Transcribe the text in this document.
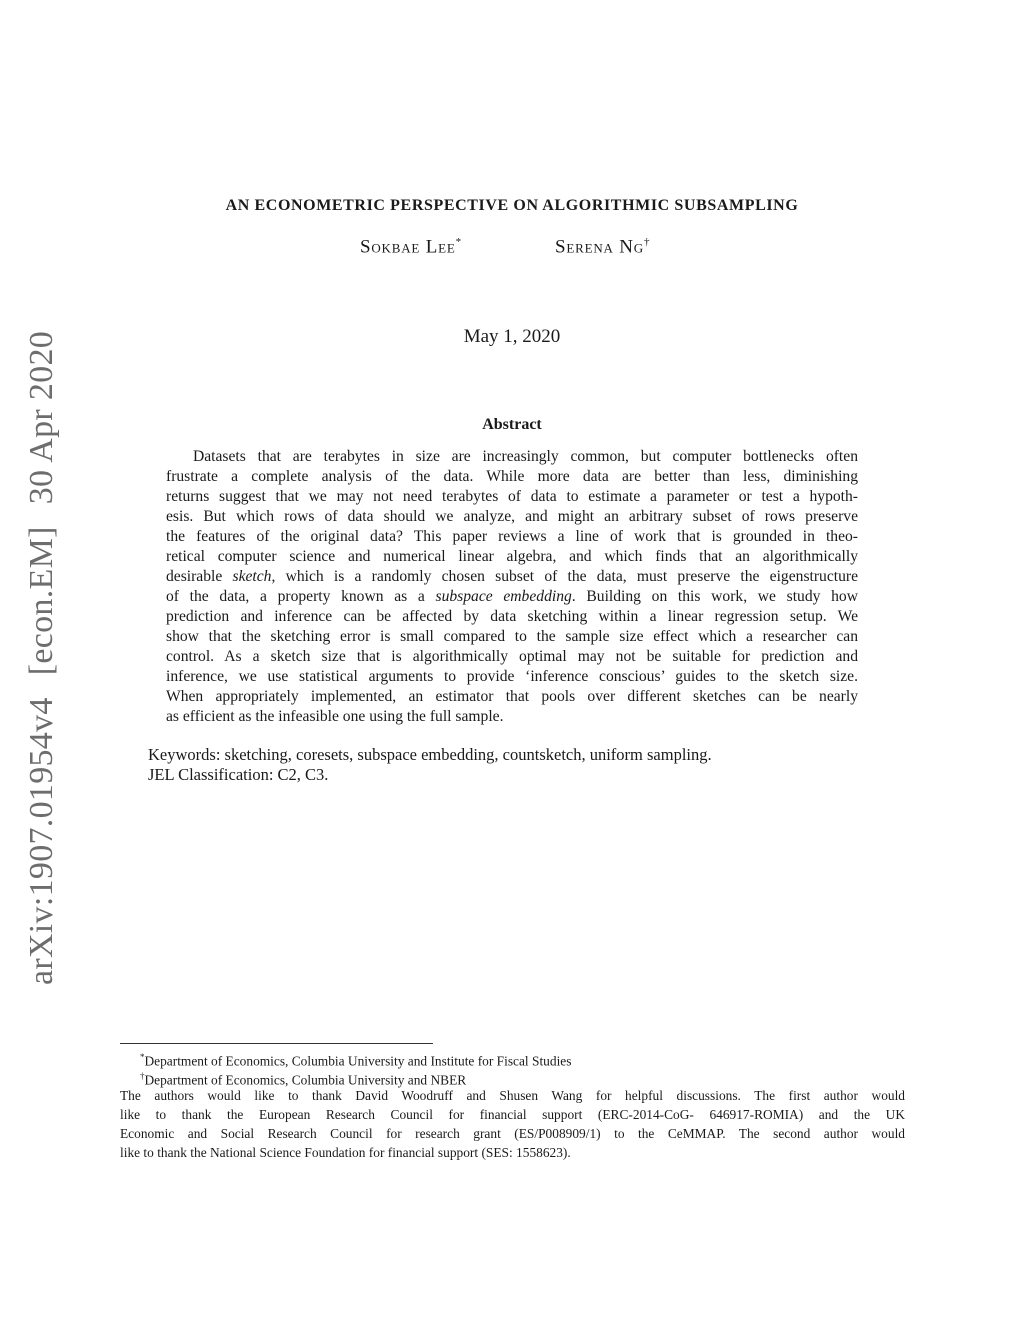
arXiv:1907.01954v4[econ.EM]30 Apr 2020
AN ECONOMETRIC PERSPECTIVE ON ALGORITHMIC SUBSAMPLING
Sokbae Lee*	Serena Ng†
May 1, 2020
Abstract
Datasets that are terabytes in size are increasingly common, but computer bottlenecks often
frustrate a complete analysis of the data. While more data are better than less, diminishing
returns suggest that we may not need terabytes of data to estimate a parameter or test a hypoth-
esis. But which rows of data should we analyze, and might an arbitrary subset of rows preserve
the features of the original data? This paper reviews a line of work that is grounded in theo-
retical computer science and numerical linear algebra, and which finds that an algorithmically
desirable sketch, which is a randomly chosen subset of the data, must preserve the eigenstructure
of the data, a property known as a subspace embedding. Building on this work, we study how
prediction and inference can be affected by data sketching within a linear regression setup. We
show that the sketching error is small compared to the sample size effect which a researcher can
control. As a sketch size that is algorithmically optimal may not be suitable for prediction and
inference, we use statistical arguments to provide ‘inference conscious’ guides to the sketch size.
When appropriately implemented, an estimator that pools over different sketches can be nearly
as efficient as the infeasible one using the full sample.
Keywords: sketching, coresets, subspace embedding, countsketch, uniform sampling.
JEL Classification: C2, C3.
*Department of Economics, Columbia University and Institute for Fiscal Studies
†Department of Economics, Columbia University and NBER
The authors would like to thank David Woodruff and Shusen Wang for helpful discussions. The first author would
like to thank the European Research Council for financial support (ERC-2014-CoG- 646917-ROMIA) and the UK
Economic and Social Research Council for research grant (ES/P008909/1) to the CeMMAP. The second author would
like to thank the National Science Foundation for financial support (SES: 1558623).
